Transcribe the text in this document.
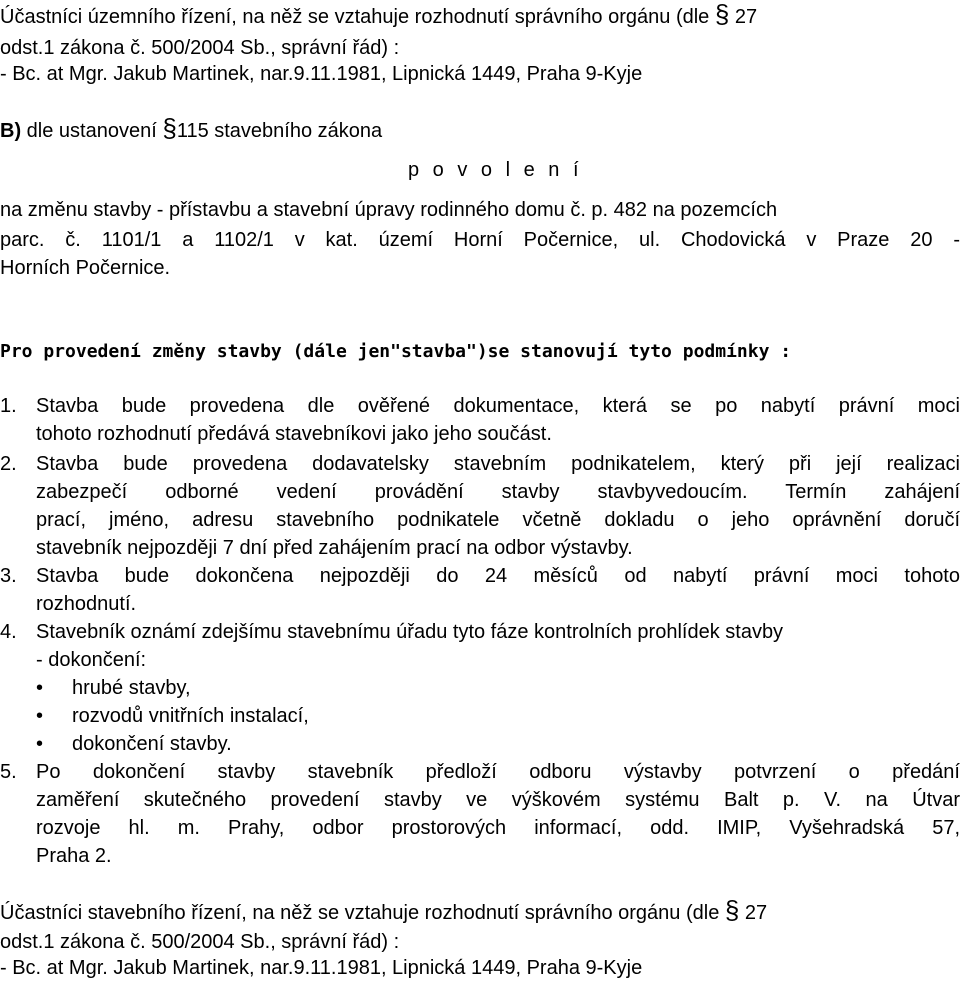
Účastníci územního řízení, na něž se vztahuje rozhodnutí správního orgánu (dle § 27
odst.1 zákona č. 500/2004 Sb., správní řád) :
- Bc. at Mgr. Jakub Martinek, nar.9.11.1981, Lipnická 1449, Praha 9-Kyje
B) dle ustanovení §115 stavebního zákona
p o v o l e n í
na změnu stavby - přístavbu a stavební úpravy rodinného domu č. p. 482 na pozemcích
parc. č. 1101/1 a 1102/1 v kat. území Horní Počernice, ul. Chodovická v Praze 20 -
Horních Počernice.
Pro provedení změny stavby (dále jen"stavba")se stanovují tyto podmínky :
1. Stavba bude provedena dle ověřené dokumentace, která se po nabytí právní moci
tohoto rozhodnutí předává stavebníkovi jako jeho součást.
2. Stavba bude provedena dodavatelsky stavebním podnikatelem, který při její realizaci
zabezpečí odborné vedení provádění stavby stavbyvedoucím. Termín zahájení
prací, jméno, adresu stavebního podnikatele včetně dokladu o jeho oprávnění doručí
stavebník nejpozději 7 dní před zahájením prací na odbor výstavby.
3. Stavba bude dokončena nejpozději do 24 měsíců od nabytí právní moci tohoto
rozhodnutí.
4. Stavebník oznámí zdejšímu stavebnímu úřadu tyto fáze kontrolních prohlídek stavby
- dokončení:
• hrubé stavby,
• rozvodů vnitřních instalací,
• dokončení stavby.
5. Po dokončení stavby stavebník předloží odboru výstavby potvrzení o předání
zaměření skutečného provedení stavby ve výškovém systému Balt p. V. na Útvar
rozvoje hl. m. Prahy, odbor prostorových informací, odd. IMIP, Vyšehradská 57,
Praha 2.
Účastníci stavebního řízení, na něž se vztahuje rozhodnutí správního orgánu (dle § 27
odst.1 zákona č. 500/2004 Sb., správní řád) :
- Bc. at Mgr. Jakub Martinek, nar.9.11.1981, Lipnická 1449, Praha 9-Kyje
